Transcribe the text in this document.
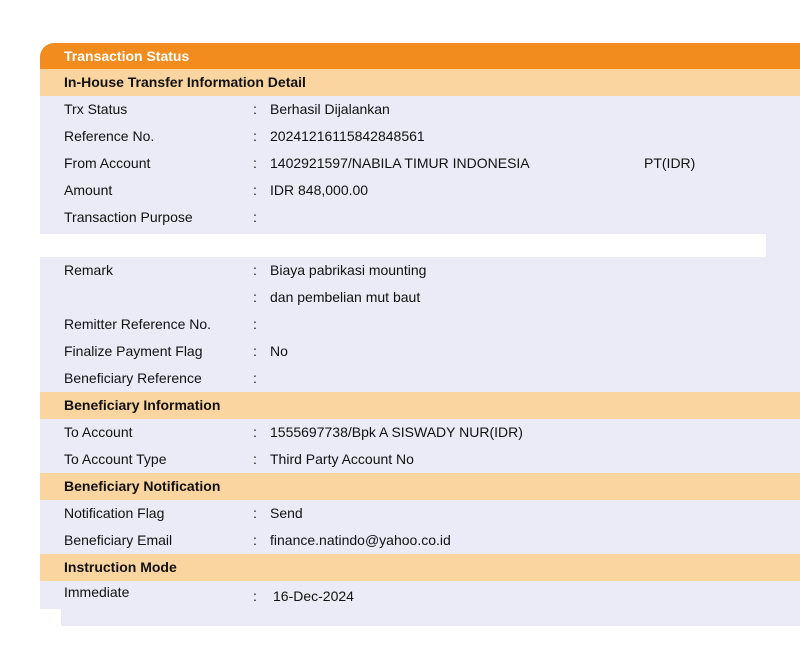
Transaction Status
In-House Transfer Information Detail
Trx Status	: Berhasil Dijalankan
Reference No.	: 20241216115842848561
From Account	: 1402921597/NABILA TIMUR INDONESIA	PT(IDR)
Amount	: IDR 848,000.00
Transaction Purpose	:
Remark	: Biaya pabrikasi mounting
: dan pembelian mut baut
Remitter Reference No.	:
Finalize Payment Flag	: No
Beneficiary Reference	:
Beneficiary Information
To Account	: 1555697738/Bpk A SISWADY NUR(IDR)
To Account Type	: Third Party Account No
Beneficiary Notification
Notification Flag	: Send
Beneficiary Email	: finance.natindo@yahoo.co.id
Instruction Mode
Immediate	: 16-Dec-2024
